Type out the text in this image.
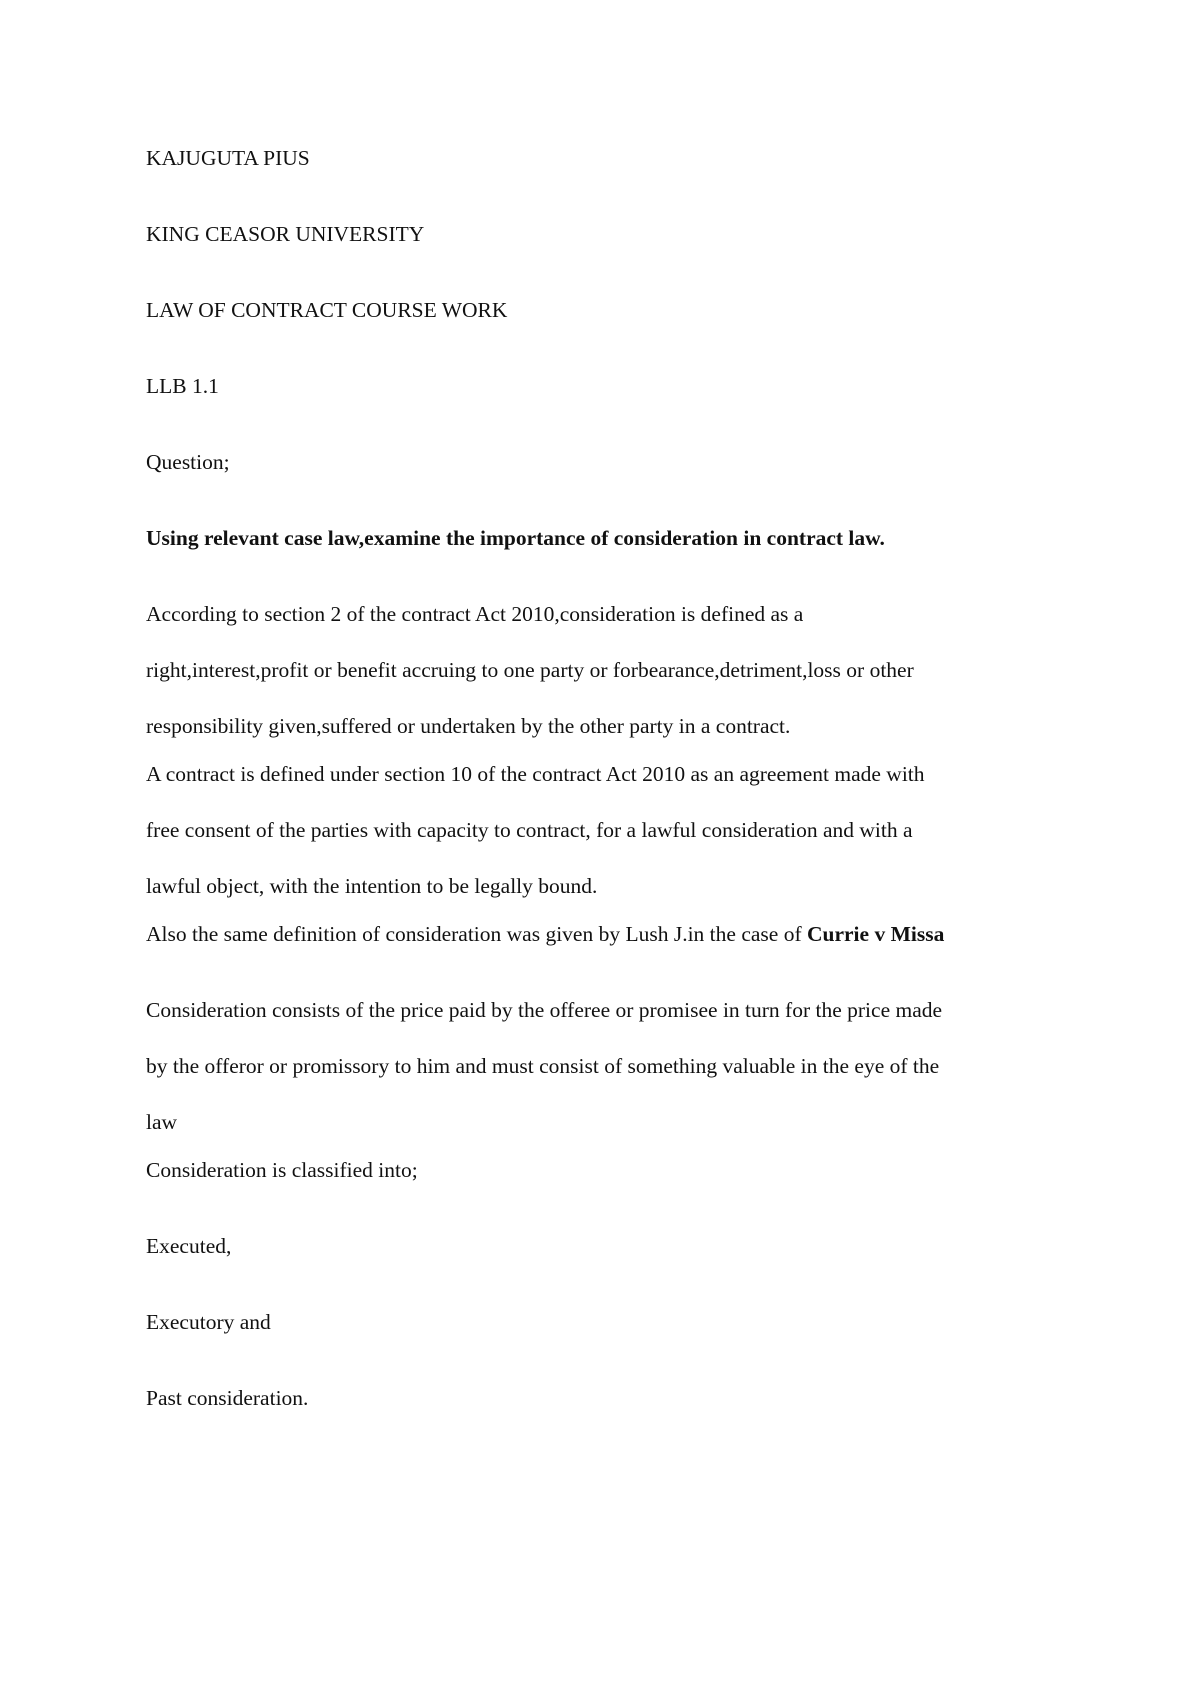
KAJUGUTA PIUS
KING CEASOR UNIVERSITY
LAW OF CONTRACT COURSE WORK
LLB 1.1
Question;
Using relevant case law,examine the importance of consideration in contract law.
According to section 2 of the contract Act 2010,consideration is defined as a
right,interest,profit or benefit accruing to one party or forbearance,detriment,loss or other
responsibility given,suffered or undertaken by the other party in a contract.
A contract is defined under section 10 of the contract Act 2010 as an agreement made with
free consent of the parties with capacity to contract, for a lawful consideration and with a
lawful object, with the intention to be legally bound.
Also the same definition of consideration was given by Lush J.in the case of Currie v Missa
Consideration consists of the price paid by the offeree or promisee in turn for the price made
by the offeror or promissory to him and must consist of something valuable in the eye of the
law
Consideration is classified into;
Executed,
Executory and
Past consideration.
